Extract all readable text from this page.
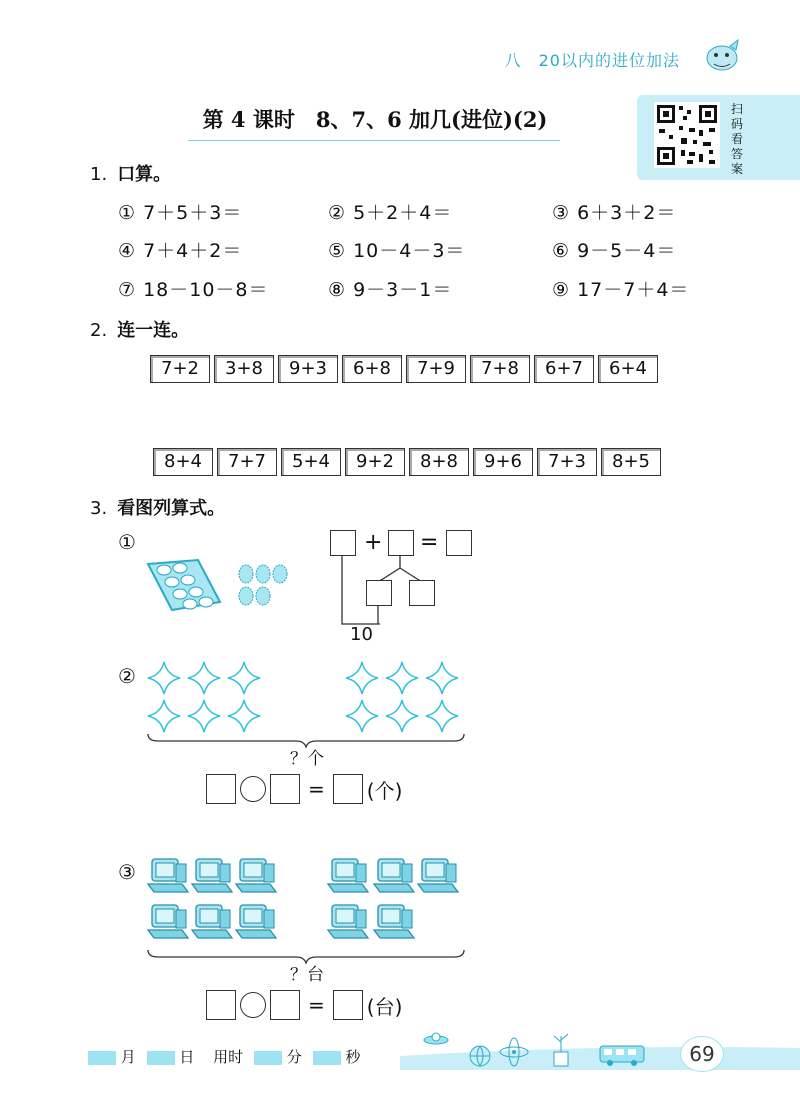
八　20以内的进位加法
第 4 课时　8、7、6 加几(进位)(2)	扫
码
看
答
案
1. 口算。
① 7＋5＋3＝	② 5＋2＋4＝	③ 6＋3＋2＝
④ 7＋4＋2＝	⑤ 10－4－3＝	⑥ 9－5－4＝
⑦ 18－10－8＝	⑧ 9－3－1＝	⑨ 17－7＋4＝
2. 连一连。
7+2	3+8	9+3	6+8	7+9	7+8	6+7	6+4
8+4	7+7	5+4	9+2	8+8	9+6	7+3	8+5
3. 看图列算式。
①	+ =
10
②
？个
= (个)
③
？台
= (台)
月	日 用时	分	秒	69
